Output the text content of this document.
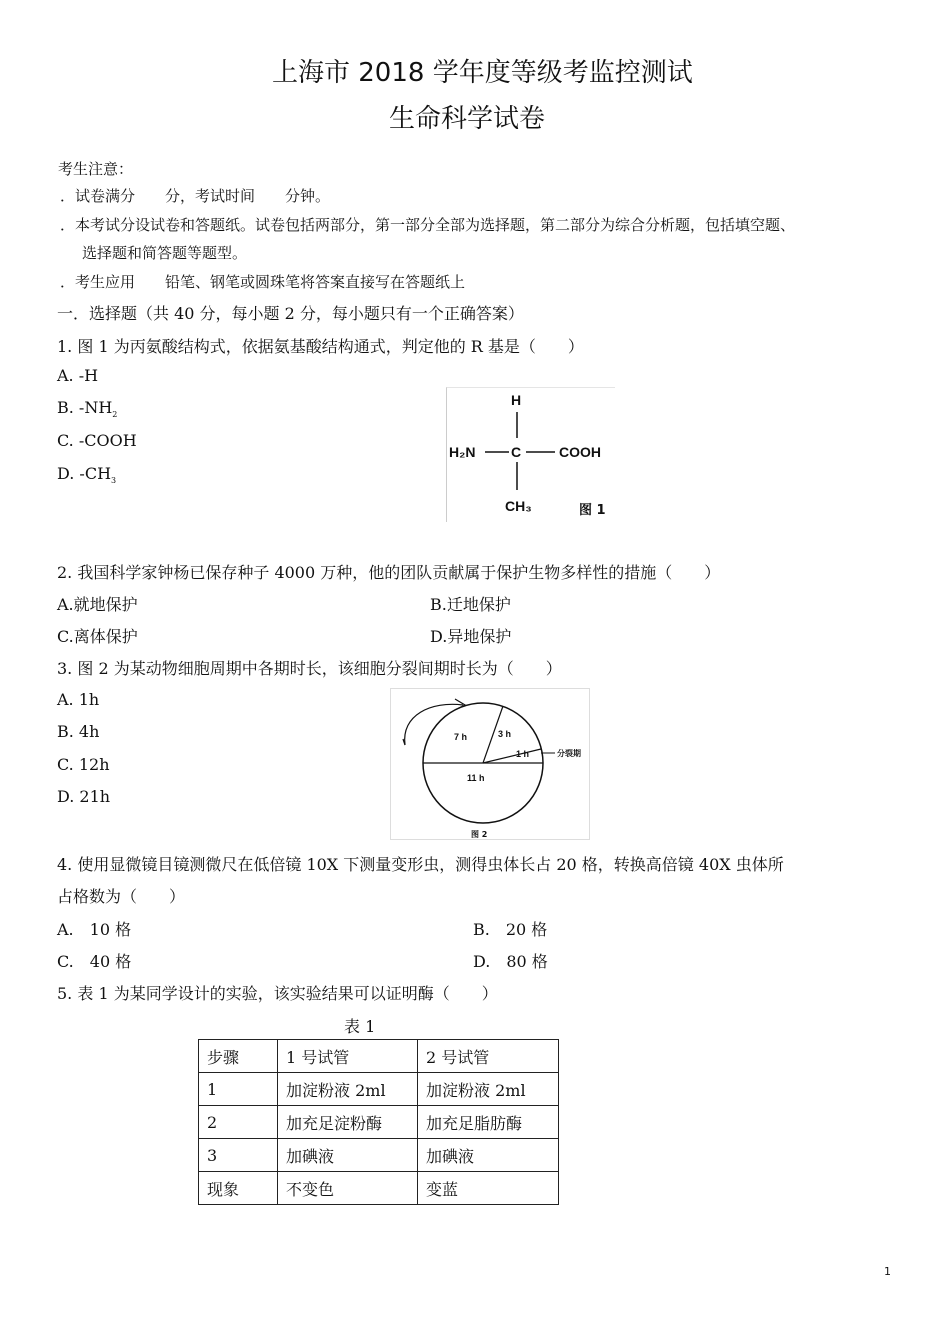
上海市 2018 学年度等级考监控测试
生命科学试卷
考生注意：
．试卷满分　　分，考试时间　　分钟。
．本考试分设试卷和答题纸。试卷包括两部分，第一部分全部为选择题，第二部分为综合分析题，包括填空题、
选择题和简答题等题型。
．考生应用　　铅笔、钢笔或圆珠笔将答案直接写在答题纸上
一．选择题（共 40 分，每小题 2 分，每小题只有一个正确答案）
1. 图 1 为丙氨酸结构式，依据氨基酸结构通式，判定他的 R 基是（　　）
A. -H
B. $-NH_2$
C. -COOH
D. $-CH_3$
H
H₂N	C	COOH
CH₃	图 1
2. 我国科学家钟杨已保存种子 4000 万种，他的团队贡献属于保护生物多样性的措施（　　）
A.就地保护	B.迁地保护
C.离体保护	D.异地保护
3. 图 2 为某动物细胞周期中各期时长，该细胞分裂间期时长为（　　）
A. 1h
B. 4h
C. 12h
D. 21h
7 h	3 h
1 h	分裂期
11 h
图 2
4. 使用显微镜目镜测微尺在低倍镜 10X 下测量变形虫，测得虫体长占 20 格，转换高倍镜 40X 虫体所
占格数为（　　）
A.　10 格	B.　20 格
C.　40 格	D.　80 格
5. 表 1 为某同学设计的实验，该实验结果可以证明酶（　　）
表 1
步骤	1 号试管	2 号试管
1	加淀粉液 2ml	加淀粉液 2ml
2	加充足淀粉酶	加充足脂肪酶
3	加碘液	加碘液
现象	不变色	变蓝
1
